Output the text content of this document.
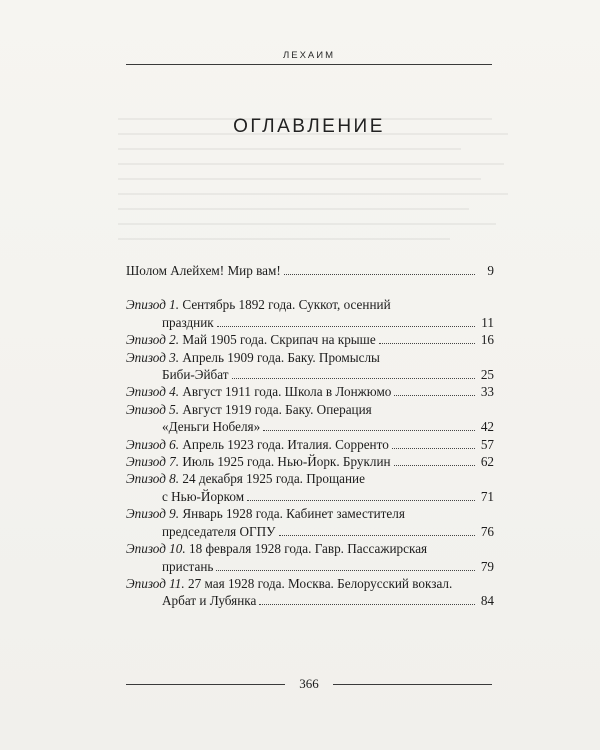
ЛЕХАИМ
ОГЛАВЛЕНИЕ
Шолом Алейхем! Мир вам!	9
Эпизод 1.
Сентябрь 1892 года. Суккот, осенний
праздник	11
Эпизод 2.
Май 1905 года. Скрипач на крыше	16
Эпизод 3.
Апрель 1909 года. Баку. Промыслы
Биби-Эйбат	25
Эпизод 4.
Август 1911 года. Школа в Лонжюмо	33
Эпизод 5.
Август 1919 года. Баку. Операция
«Деньги Нобеля»	42
Эпизод 6.
Апрель 1923 года. Италия. Сорренто	57
Эпизод 7.
Июль 1925 года. Нью-Йорк. Бруклин	62
Эпизод 8.
24 декабря 1925 года. Прощание
с Нью-Йорком	71
Эпизод 9.
Январь 1928 года. Кабинет заместителя
председателя ОГПУ	76
Эпизод 10.
18 февраля 1928 года. Гавр. Пассажирская
пристань	79
Эпизод 11.
27 мая 1928 года. Москва. Белорусский вокзал.
Арбат и Лубянка	84
366
